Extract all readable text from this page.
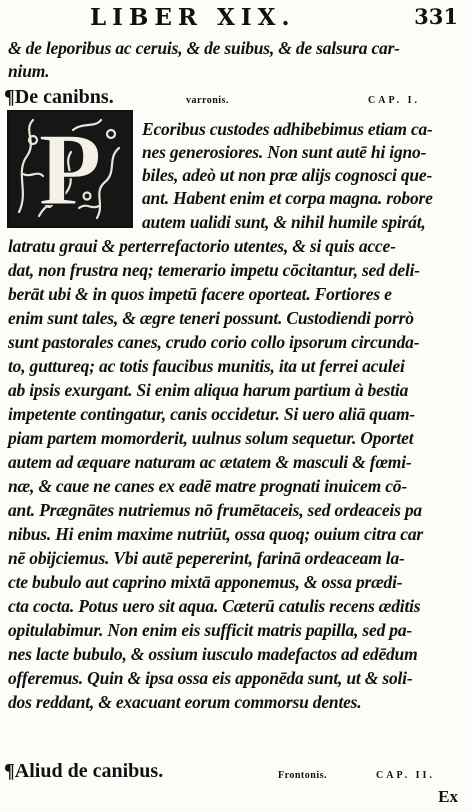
LIBER XIX.	331
& de leporibus ac ceruis, & de suibus, & de salsura car-
nium.
¶De canibns.	varronis.	CAP. I.
P Ecoribus custodes adhibebimus etiam ca-
nes generosiores. Non sunt autē hi igno-
biles, adeò ut non præ alijs cognosci que-
ant. Habent enim et corpa magna. robore
autem ualidi sunt, & nihil humile spirát,
latratu graui & perterrefactorio utentes, & si quis acce-
dat, non frustra neq; temerario impetu cōcitantur, sed deli-
berāt ubi & in quos impetū facere oporteat. Fortiores e
enim sunt tales, & ægre teneri possunt. Custodiendi porrò
sunt pastorales canes, crudo corio collo ipsorum circunda-
to, guttureq; ac totis faucibus munitis, ita ut ferrei aculei
ab ipsis exurgant. Si enim aliqua harum partium à bestia
impetente contingatur, canis occidetur. Si uero aliā quam-
piam partem momorderit, uulnus solum sequetur. Oportet
autem ad æquare naturam ac ætatem & masculi & fœmi-
næ, & caue ne canes ex eadē matre prognati inuicem cō-
ant. Prægnātes nutriemus nō frumētaceis, sed ordeaceis pa
nibus. Hi enim maxime nutriūt, ossa quoq; ouium citra car
nē obijciemus. Vbi autē pepererint, farinā ordeaceam la-
cte bubulo aut caprino mixtā apponemus, & ossa prædi-
cta cocta. Potus uero sit aqua. Cæterū catulis recens æditis
opitulabimur. Non enim eis sufficit matris papilla, sed pa-
nes lacte bubulo, & ossium iusculo madefactos ad edēdum
offeremus. Quin & ipsa ossa eis apponēda sunt, ut & soli-
dos reddant, & exacuant eorum commorsu dentes.
¶Aliud de canibus.	Frontonis.	CAP. II.
Ex
